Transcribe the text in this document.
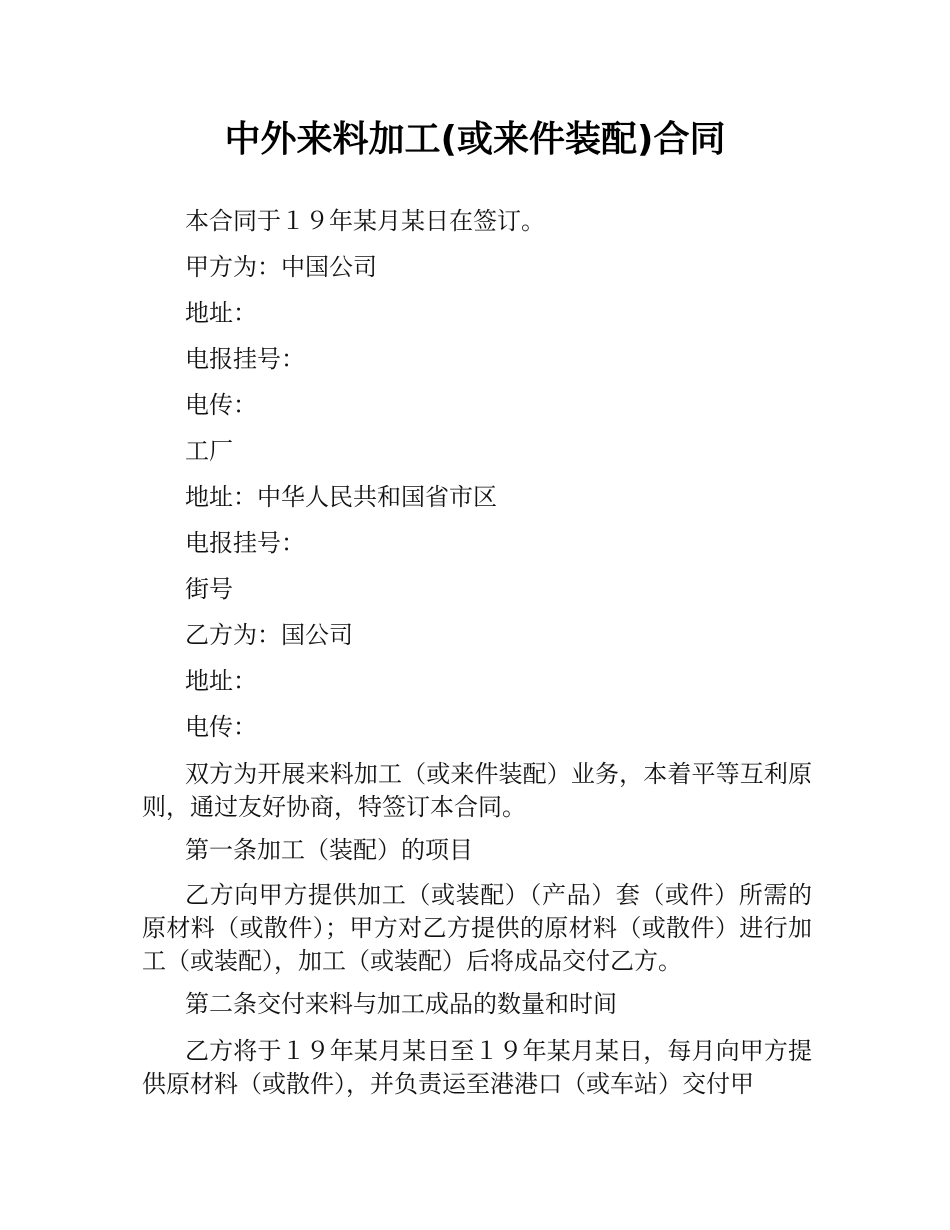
中外来料加工(或来件装配)合同
本合同于１９年某月某日在签订。
甲方为：中国公司
地址：
电报挂号：
电传：
工厂
地址：中华人民共和国省市区
电报挂号：
街号
乙方为：国公司
地址：
电传：
双方为开展来料加工（或来件装配）业务，本着平等互利原则，通过友好协商，特签订本合同。
第一条加工（装配）的项目
乙方向甲方提供加工（或装配）（产品）套（或件）所需的原材料（或散件）；甲方对乙方提供的原材料（或散件）进行加工（或装配），加工（或装配）后将成品交付乙方。
第二条交付来料与加工成品的数量和时间
乙方将于１９年某月某日至１９年某月某日，每月向甲方提供原材料（或散件），并负责运至港港口（或车站）交付甲
